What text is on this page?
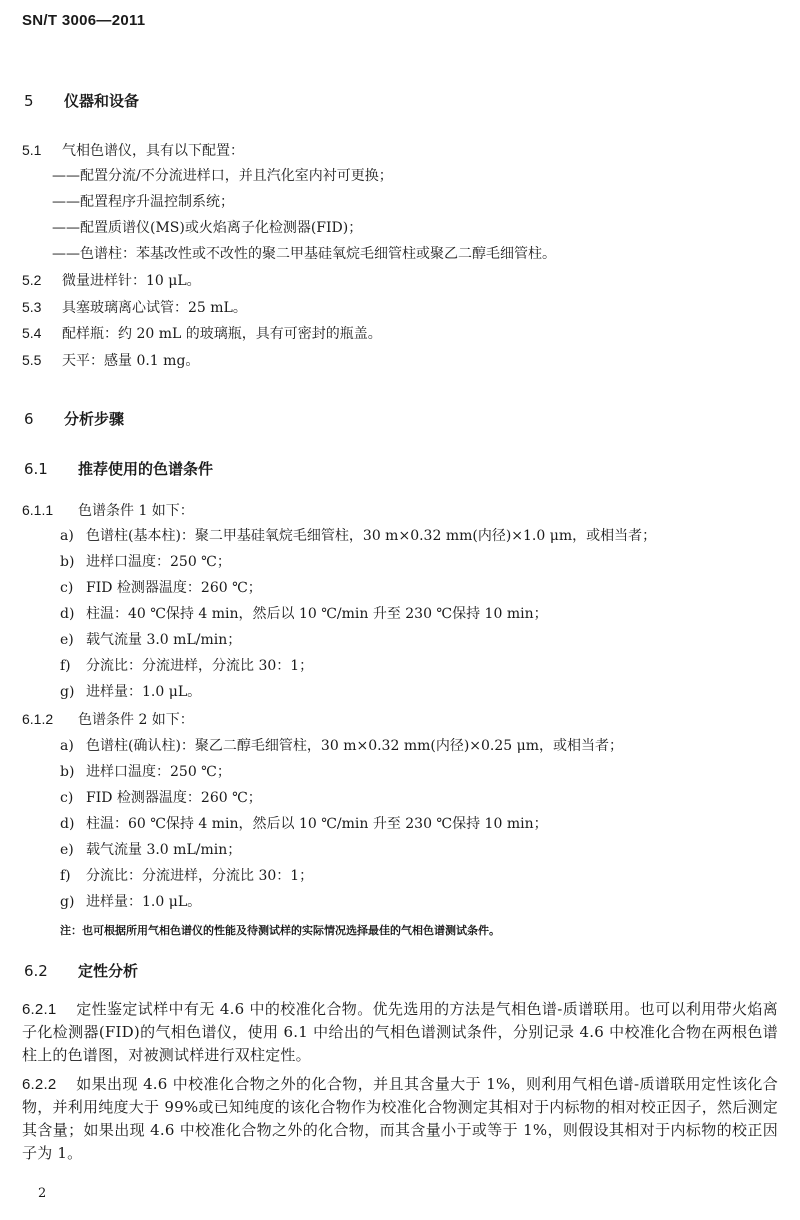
SN/T 3006—2011
5 仪器和设备
5.1 气相色谱仪，具有以下配置：
——配置分流/不分流进样口，并且汽化室内衬可更换；
——配置程序升温控制系统；
——配置质谱仪(MS)或火焰离子化检测器(FID)；
——色谱柱：苯基改性或不改性的聚二甲基硅氧烷毛细管柱或聚乙二醇毛细管柱。
5.2 微量进样针：10 μL。
5.3 具塞玻璃离心试管：25 mL。
5.4 配样瓶：约 20 mL 的玻璃瓶，具有可密封的瓶盖。
5.5 天平：感量 0.1 mg。
6 分析步骤
6.1 推荐使用的色谱条件
6.1.1 色谱条件 1 如下：
a) 色谱柱(基本柱)：聚二甲基硅氧烷毛细管柱，30 m×0.32 mm(内径)×1.0 μm，或相当者；
b) 进样口温度：250 ℃；
c) FID 检测器温度：260 ℃；
d) 柱温：40 ℃保持 4 min，然后以 10 ℃/min 升至 230 ℃保持 10 min；
e) 载气流量 3.0 mL/min；
f) 分流比：分流进样，分流比 30：1；
g) 进样量：1.0 μL。
6.1.2 色谱条件 2 如下：
a) 色谱柱(确认柱)：聚乙二醇毛细管柱，30 m×0.32 mm(内径)×0.25 μm，或相当者；
b) 进样口温度：250 ℃；
c) FID 检测器温度：260 ℃；
d) 柱温：60 ℃保持 4 min，然后以 10 ℃/min 升至 230 ℃保持 10 min；
e) 载气流量 3.0 mL/min；
f) 分流比：分流进样，分流比 30：1；
g) 进样量：1.0 μL。
注：也可根据所用气相色谱仪的性能及待测试样的实际情况选择最佳的气相色谱测试条件。
6.2 定性分析
6.2.1 定性鉴定试样中有无 4.6 中的校准化合物。优先选用的方法是气相色谱-质谱联用。也可以利用带火焰离子化检测器(FID)的气相色谱仪，使用 6.1 中给出的气相色谱测试条件，分别记录 4.6 中校准化合物在两根色谱柱上的色谱图，对被测试样进行双柱定性。
6.2.2 如果出现 4.6 中校准化合物之外的化合物，并且其含量大于 1%，则利用气相色谱-质谱联用定性该化合物，并利用纯度大于 99%或已知纯度的该化合物作为校准化合物测定其相对于内标物的相对校正因子，然后测定其含量；如果出现 4.6 中校准化合物之外的化合物，而其含量小于或等于 1%，则假设其相对于内标物的校正因子为 1。
2
